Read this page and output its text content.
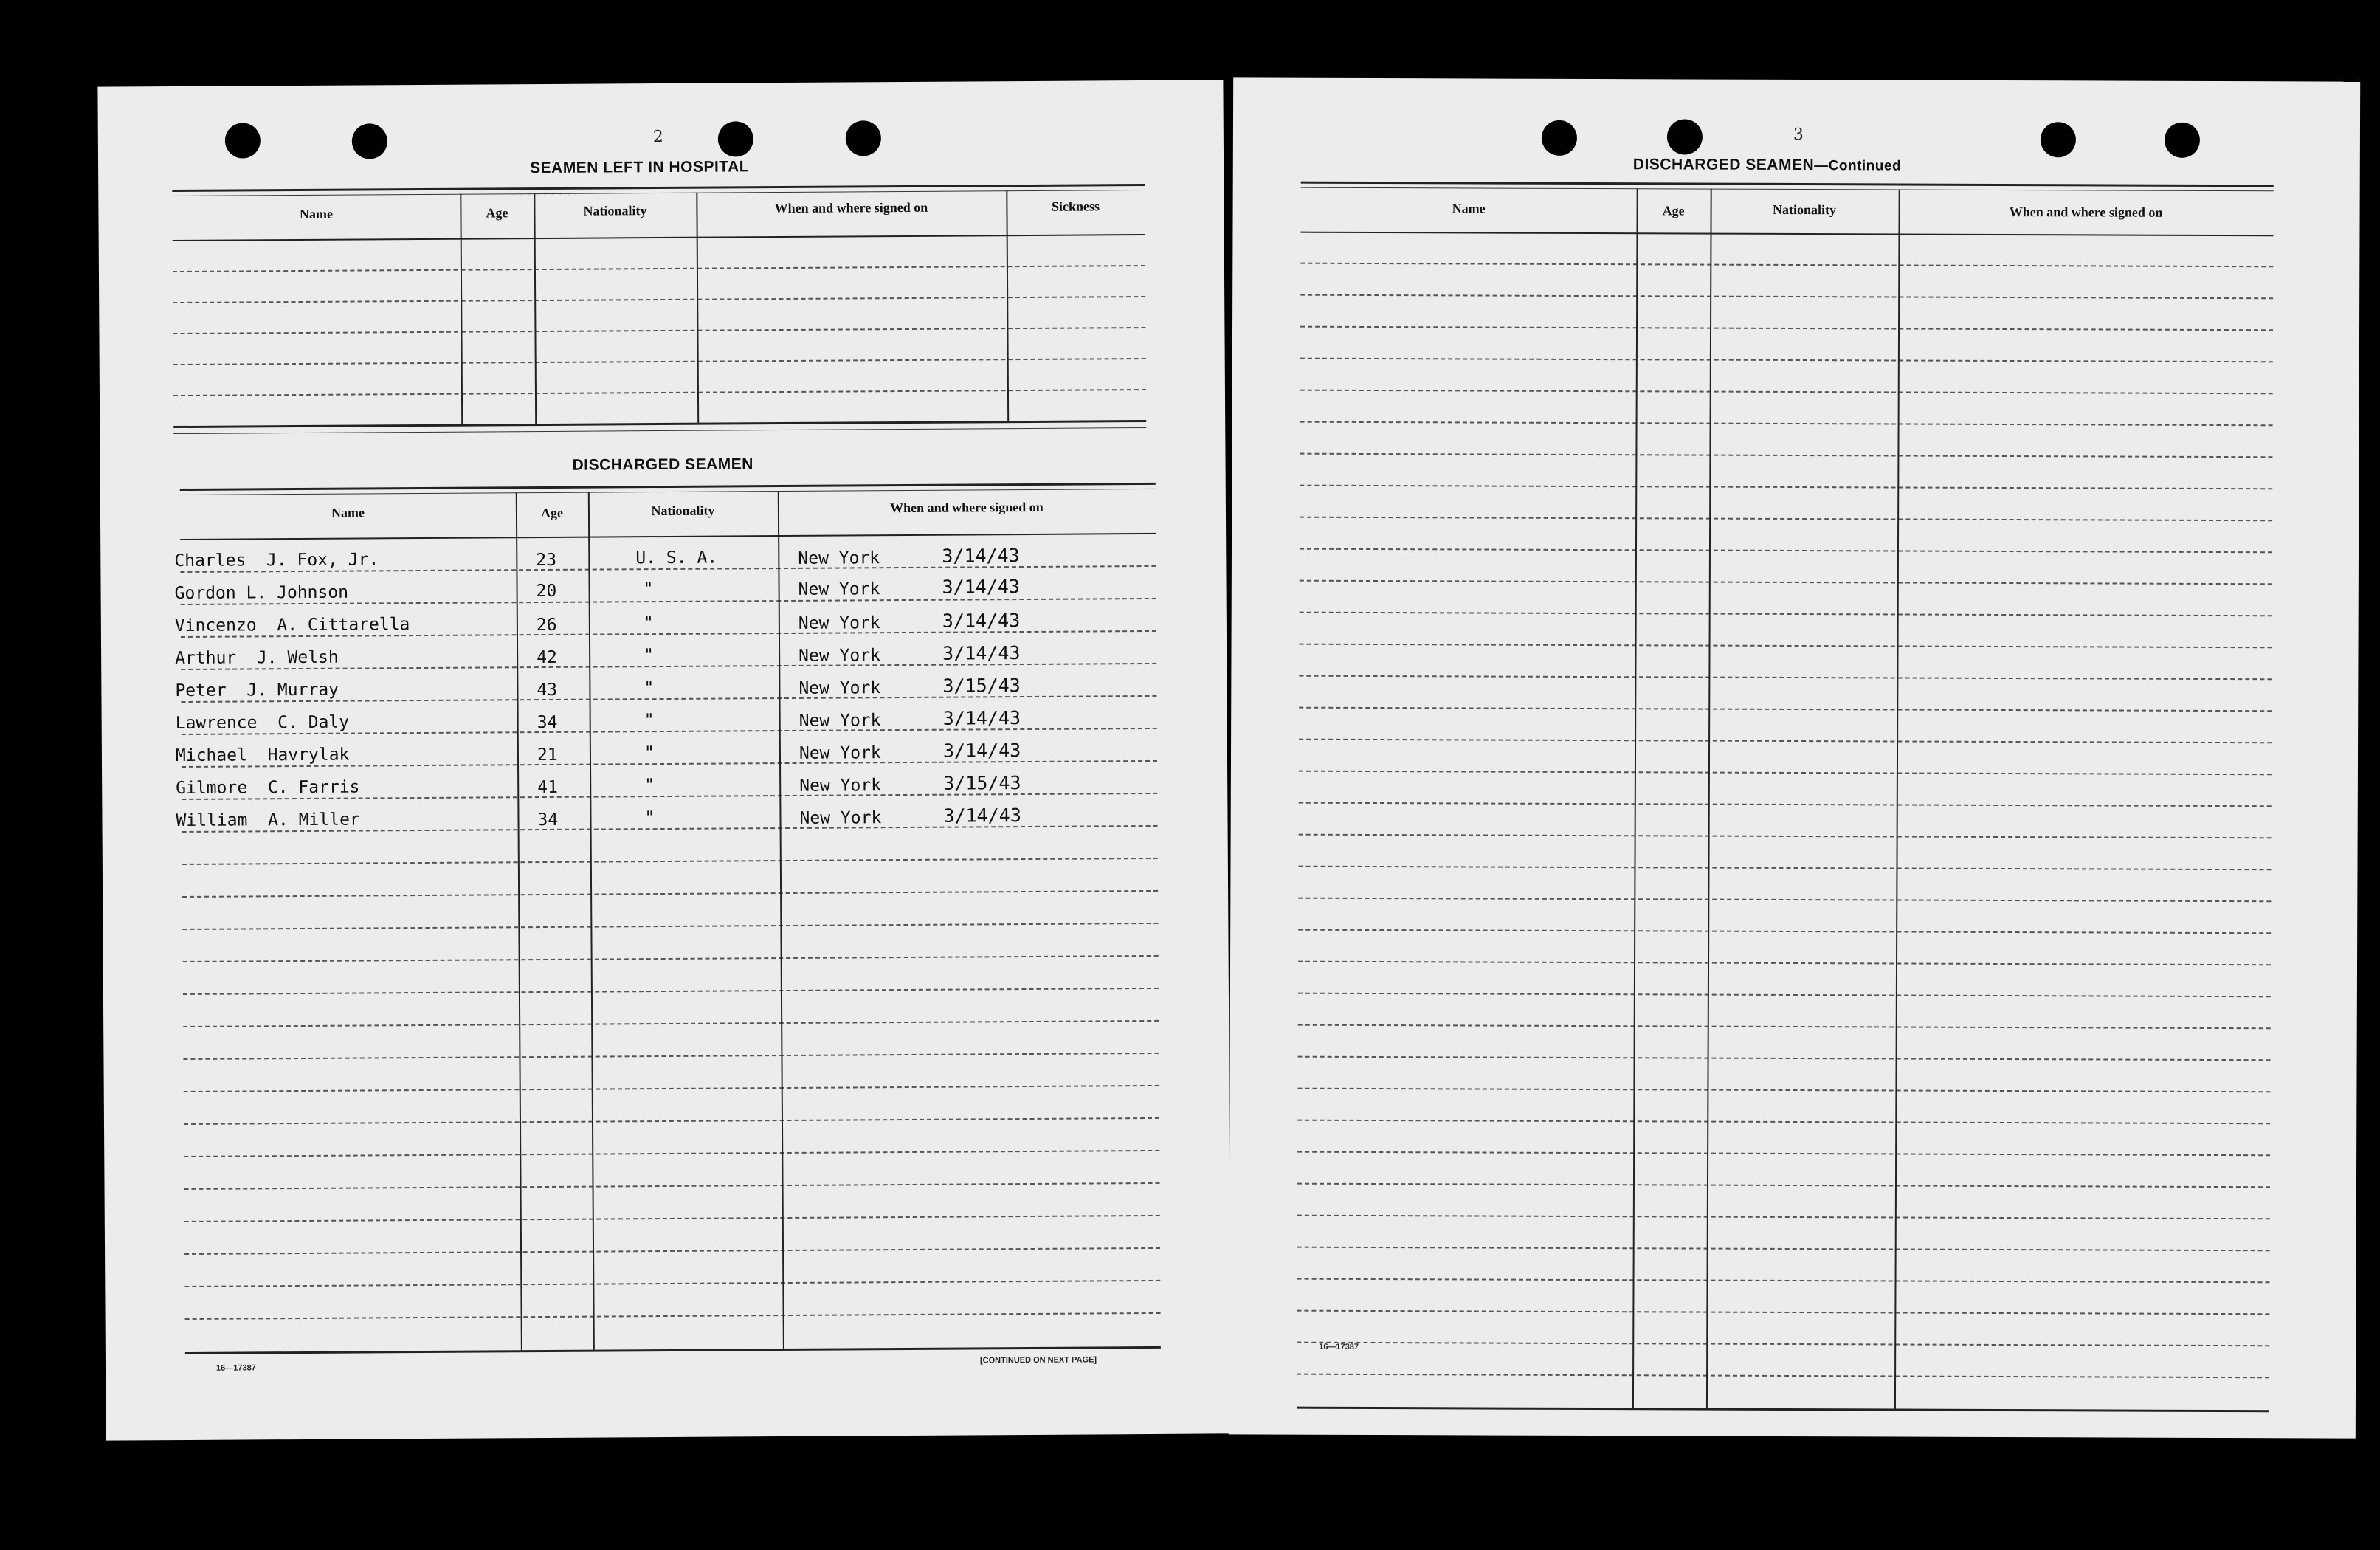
2
· · · · · · · · ·
SEAMEN LEFT IN HOSPITAL
Name	Age	Nationality	When and where signed on	Sickness
DISCHARGED SEAMEN
Name	Age	Nationality	When and where signed on
Charles  J. Fox, Jr.	23	U. S. A.	New York	3/14/43
Gordon L. Johnson	20	"	New York	3/14/43
Vincenzo  A. Cittarella	26	"	New York	3/14/43
Arthur  J. Welsh	42	"	New York	3/14/43
Peter  J. Murray	43	"	New York	3/15/43
Lawrence  C. Daly	34	"	New York	3/14/43
Michael  Havrylak	21	"	New York	3/14/43
Gilmore  C. Farris	41	"	New York	3/15/43
William  A. Miller	34	"	New York	3/14/43
16—17387
[CONTINUED ON NEXT PAGE]
3
DISCHARGED SEAMEN—Continued
Name	Age	Nationality	When and where signed on
16—17387
